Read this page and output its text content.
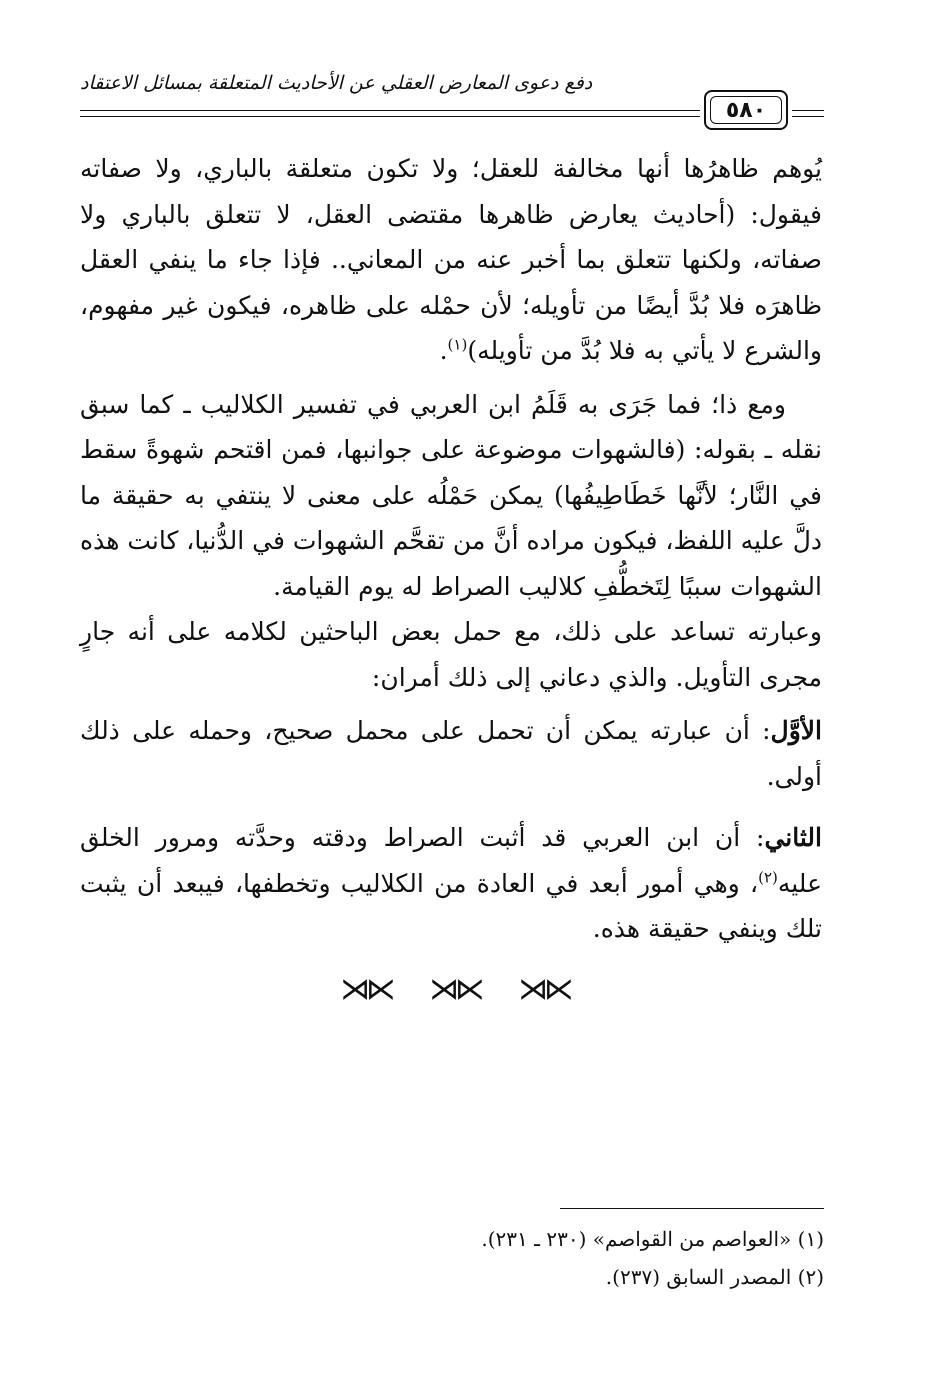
دفع دعوى المعارض العقلي عن الأحاديث المتعلقة بمسائل الاعتقاد
٥٨٠

يُوهم ظاهرُها أنها مخالفة للعقل؛ ولا تكون متعلقة بالباري، ولا صفاته فيقول: (أحاديث يعارض ظاهرها مقتضى العقل، لا تتعلق بالباري ولا صفاته، ولكنها تتعلق بما أخبر عنه من المعاني.. فإذا جاء ما ينفي العقل ظاهرَه فلا بُدَّ أيضًا من تأويله؛ لأن حمْله على ظاهره، فيكون غير مفهوم، والشرع لا يأتي به فلا بُدَّ من تأويله)$^{(١)}$.

ومع ذا؛ فما جَرَى به قَلَمُ ابن العربي في تفسير الكلاليب ـ كما سبق نقله ـ بقوله: (فالشهوات موضوعة على جوانبها، فمن اقتحم شهوةً سقط في النَّار؛ لأنَّها خَطَاطِيفُها) يمكن حَمْلُه على معنى لا ينتفي به حقيقة ما دلَّ عليه اللفظ، فيكون مراده أنَّ من تقحَّم الشهوات في الدُّنيا، كانت هذه الشهوات سببًا لِتَخطُّفِ كلاليب الصراط له يوم القيامة.

وعبارته تساعد على ذلك، مع حمل بعض الباحثين لكلامه على أنه جارٍ مجرى التأويل. والذي دعاني إلى ذلك أمران:

الأوَّل: أن عبارته يمكن أن تحمل على محمل صحيح، وحمله على ذلك أولى.

الثاني: أن ابن العربي قد أثبت الصراط ودقته وحدَّته ومرور الخلق عليه$^{(٢)}$، وهي أمور أبعد في العادة من الكلاليب وتخطفها، فيبعد أن يثبت تلك وينفي حقيقة هذه.

⋊⋉ ⋊⋉ ⋊⋉
(١) «العواصم من القواصم» (٢٣٠ ـ ٢٣١).
(٢) المصدر السابق (٢٣٧).
